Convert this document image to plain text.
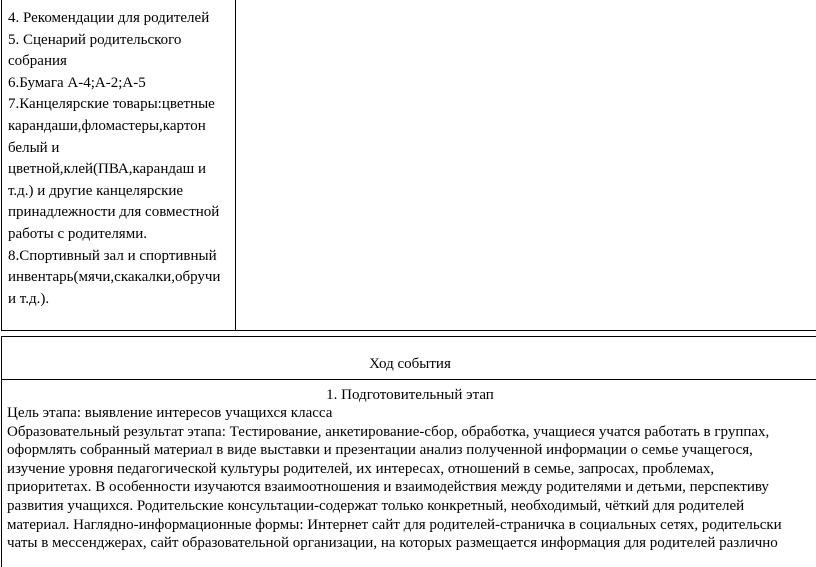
4. Рекомендации для родителей
5. Сценарий родительского
собрания
6.Бумага А-4;А-2;А-5
7.Канцелярские товары:цветные
карандаши,фломастеры,картон
белый и
цветной,клей(ПВА,карандаш и
т.д.) и другие канцелярские
принадлежности для совместной
работы с родителями.
8.Спортивный зал и спортивный
инвентарь(мячи,скакалки,обручи
и т.д.).
Ход события
1. Подготовительный этап
Цель этапа: выявление интересов учащихся класса
Образовательный результат этапа: Тестирование, анкетирование-сбор, обработка, учащиеся учатся работать в группах,
оформлять собранный материал в виде выставки и презентации анализ полученной информации о семье учащегося,
изучение уровня педагогической культуры родителей, их интересах, отношений в семье, запросах, проблемах,
приоритетах. В особенности изучаются взаимоотношения и взаимодействия между родителями и детьми, перспективу
развития учащихся. Родительские консультации-содержат только конкретный, необходимый, чёткий для родителей
материал. Наглядно-информационные формы: Интернет сайт для родителей-страничка в социальных сетях, родительски
чаты в мессенджерах, сайт образовательной организации, на которых размещается информация для родителей различно
